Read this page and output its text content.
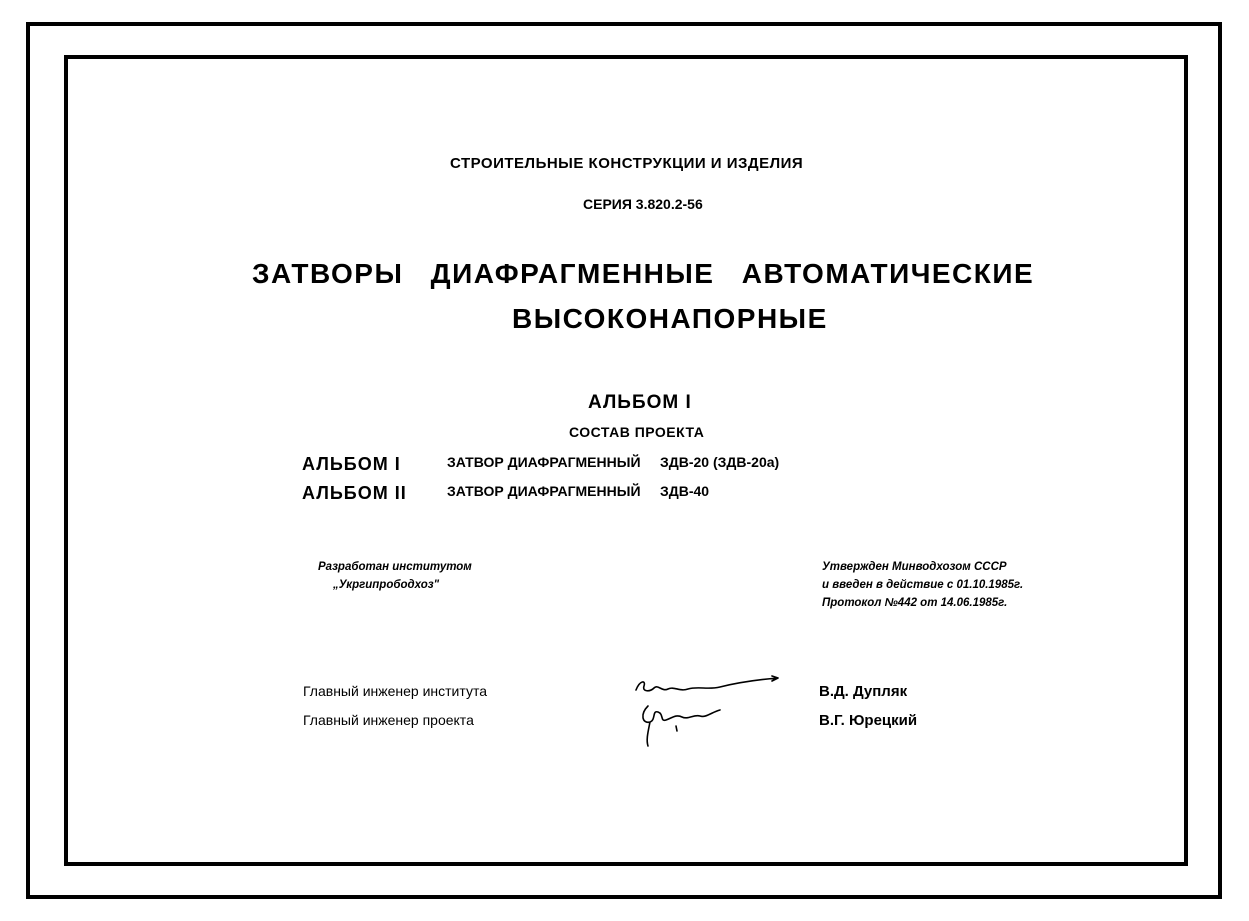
СТРОИТЕЛЬНЫЕ КОНСТРУКЦИИ И ИЗДЕЛИЯ
СЕРИЯ 3.820.2-56
ЗАТВОРЫ ДИАФРАГМЕННЫЕ АВТОМАТИЧЕСКИЕ
ВЫСОКОНАПОРНЫЕ
АЛЬБОМ I
СОСТАВ ПРОЕКТА
АЛЬБОМ I	ЗАТВОР ДИАФРАГМЕННЫЙ ЗДВ-20 (ЗДВ-20а)
АЛЬБОМ II	ЗАТВОР ДИАФРАГМЕННЫЙ ЗДВ-40
Разработан институтом
„Укргипрободхоз"
Утвержден Минводхозом СССР
и введен в действие с 01.10.1985г.
Протокол №442 от 14.06.1985г.
Главный инженер института	В.Д. Дупляк
Главный инженер проекта	В.Г. Юрецкий
